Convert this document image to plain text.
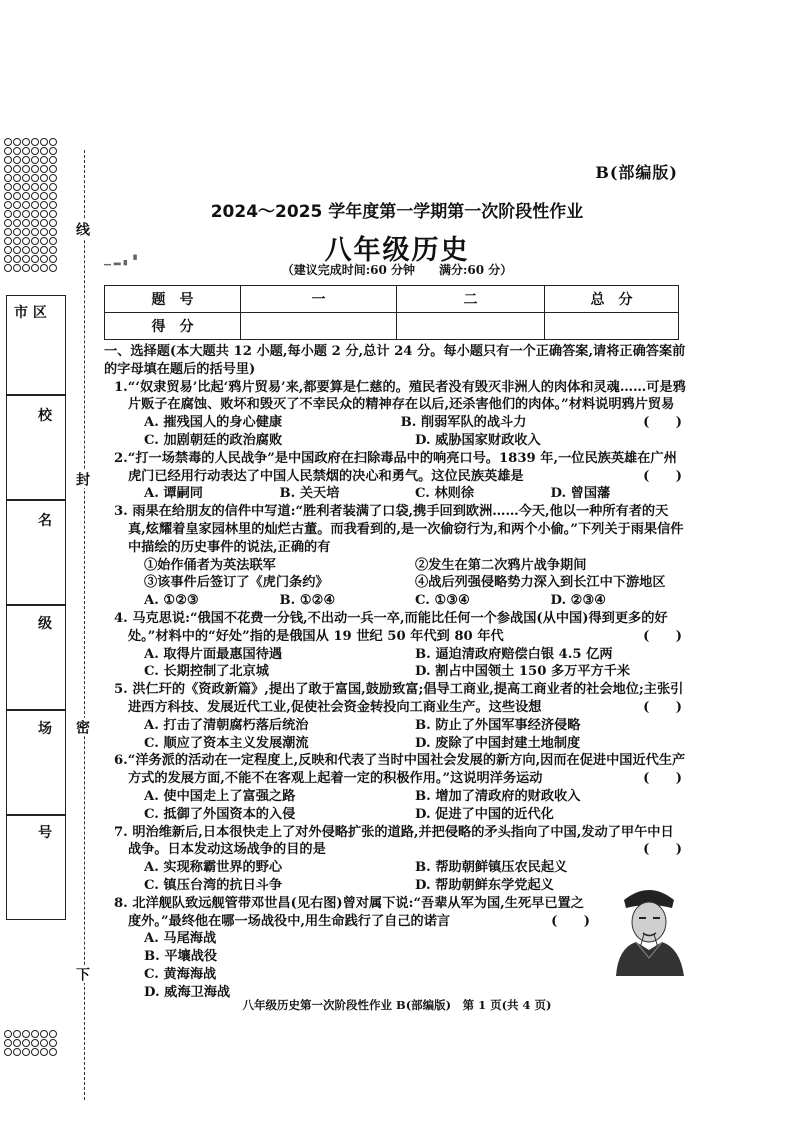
线
封
密
下
市 区
校
名
级
场
号
B(部编版)
2024～2025 学年度第一学期第一次阶段性作业
▁ ▂ ▖ ▘	八年级历史
（建议完成时间:60 分钟　　满分:60 分）
题　号	一	二	总　分
得　分			
一、选择题(本大题共 12 小题,每小题 2 分,总计 24 分。每小题只有一个正确答案,请将正确答案前的字母填在题后的括号里)
1.“‘奴隶贸易’比起‘鸦片贸易’来,都要算是仁慈的。殖民者没有毁灭非洲人的肉体和灵魂……可是鸦片贩子在腐蚀、败坏和毁灭了不幸民众的精神存在以后,还杀害他们的肉体。”材料说明鸦片贸易
(　　)
A. 摧残国人的身心健康	B. 削弱军队的战斗力
C. 加剧朝廷的政治腐败	D. 威胁国家财政收入
2.“打一场禁毒的人民战争”是中国政府在扫除毒品中的响亮口号。1839 年,一位民族英雄在广州虎门已经用行动表达了中国人民禁烟的决心和勇气。这位民族英雄是	(　　)
A. 谭嗣同	B. 关天培	C. 林则徐	D. 曾国藩
3. 雨果在给朋友的信件中写道:“胜利者装满了口袋,携手回到欧洲……今天,他以一种所有者的天真,炫耀着皇家园林里的灿烂古董。而我看到的,是一次偷窃行为,和两个小偷。”下列关于雨果信件中描绘的历史事件的说法,正确的有
①始作俑者为英法联军	②发生在第二次鸦片战争期间
③该事件后签订了《虎门条约》	④战后列强侵略势力深入到长江中下游地区
A. ①②③	B. ①②④	C. ①③④	D. ②③④
4. 马克思说:“俄国不花费一分钱,不出动一兵一卒,而能比任何一个参战国(从中国)得到更多的好处。”材料中的“好处”指的是俄国从 19 世纪 50 年代到 80 年代	(　　)
A. 取得片面最惠国待遇	B. 逼迫清政府赔偿白银 4.5 亿两
C. 长期控制了北京城	D. 割占中国领土 150 多万平方千米
5. 洪仁玕的《资政新篇》,提出了敢于富国,鼓励致富;倡导工商业,提高工商业者的社会地位;主张引进西方科技、发展近代工业,促使社会资金转投向工商业生产。这些设想	(　　)
A. 打击了清朝腐朽落后统治	B. 防止了外国军事经济侵略
C. 顺应了资本主义发展潮流	D. 废除了中国封建土地制度
6.“洋务派的活动在一定程度上,反映和代表了当时中国社会发展的新方向,因而在促进中国近代生产方式的发展方面,不能不在客观上起着一定的积极作用。”这说明洋务运动	(　　)
A. 使中国走上了富强之路	B. 增加了清政府的财政收入
C. 抵御了外国资本的入侵	D. 促进了中国的近代化
7. 明治维新后,日本很快走上了对外侵略扩张的道路,并把侵略的矛头指向了中国,发动了甲午中日战争。日本发动这场战争的目的是	(　　)
A. 实现称霸世界的野心	B. 帮助朝鲜镇压农民起义
C. 镇压台湾的抗日斗争	D. 帮助朝鲜东学党起义
8. 北洋舰队致远舰管带邓世昌(见右图)曾对属下说:“吾辈从军为国,生死早已置之度外。”最终他在哪一场战役中,用生命践行了自己的诺言	(　　)
A. 马尾海战
B. 平壤战役
C. 黄海海战
D. 威海卫海战
八年级历史第一次阶段性作业 B(部编版)　第 1 页(共 4 页)
